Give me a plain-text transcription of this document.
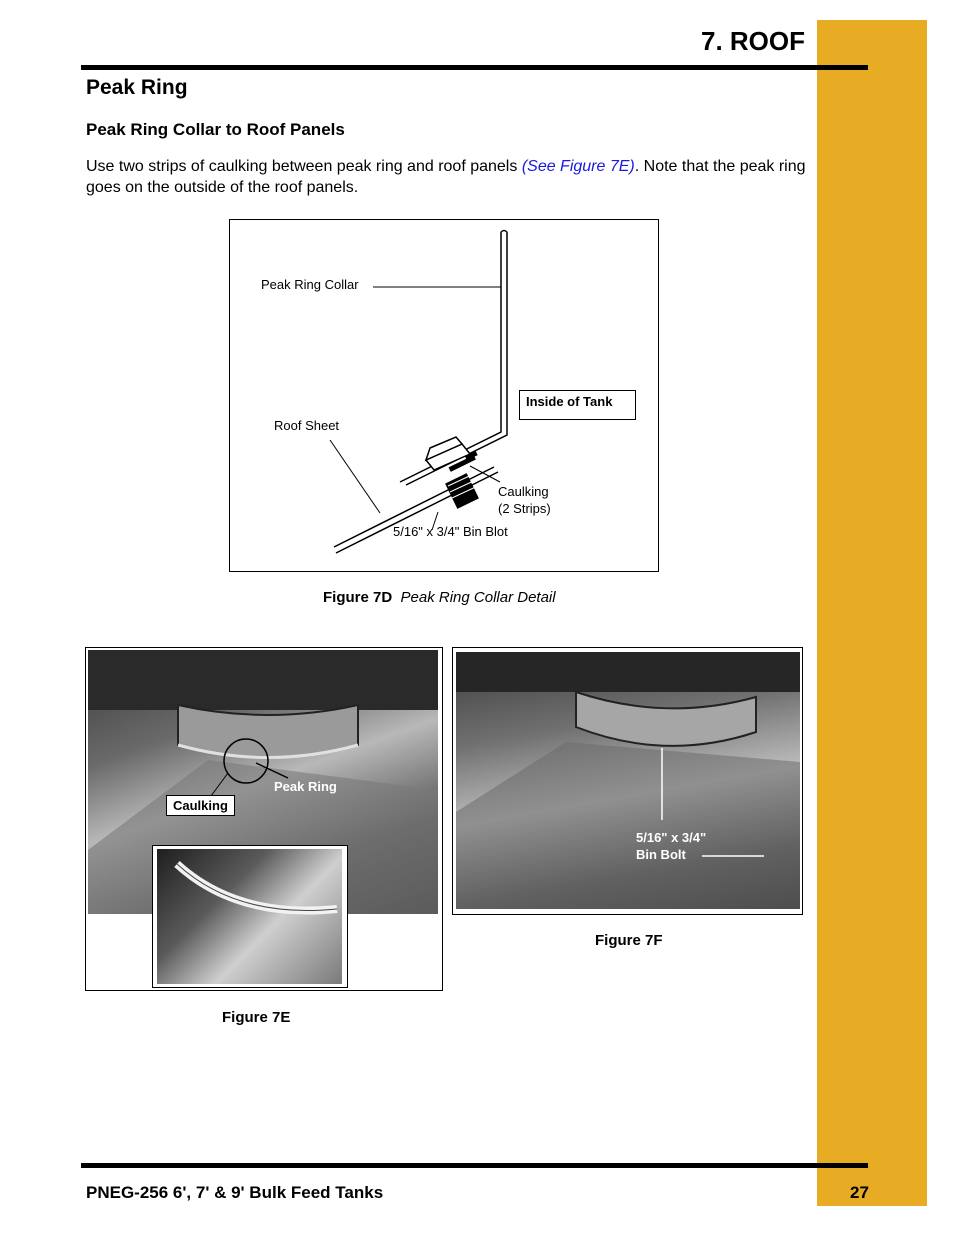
7. ROOF
Peak Ring
Peak Ring Collar to Roof Panels
Use two strips of caulking between peak ring and roof panels (See Figure 7E). Note that the peak ring goes on the outside of the roof panels.
Peak Ring Collar
Inside of Tank
Roof Sheet
Caulking
(2 Strips)
5/16" x 3/4" Bin Blot
Figure 7D Peak Ring Collar Detail
Caulking
Peak Ring
Figure 7E
5/16" x 3/4"
Bin Bolt
Figure 7F
PNEG-256 6', 7' & 9' Bulk Feed Tanks	27
